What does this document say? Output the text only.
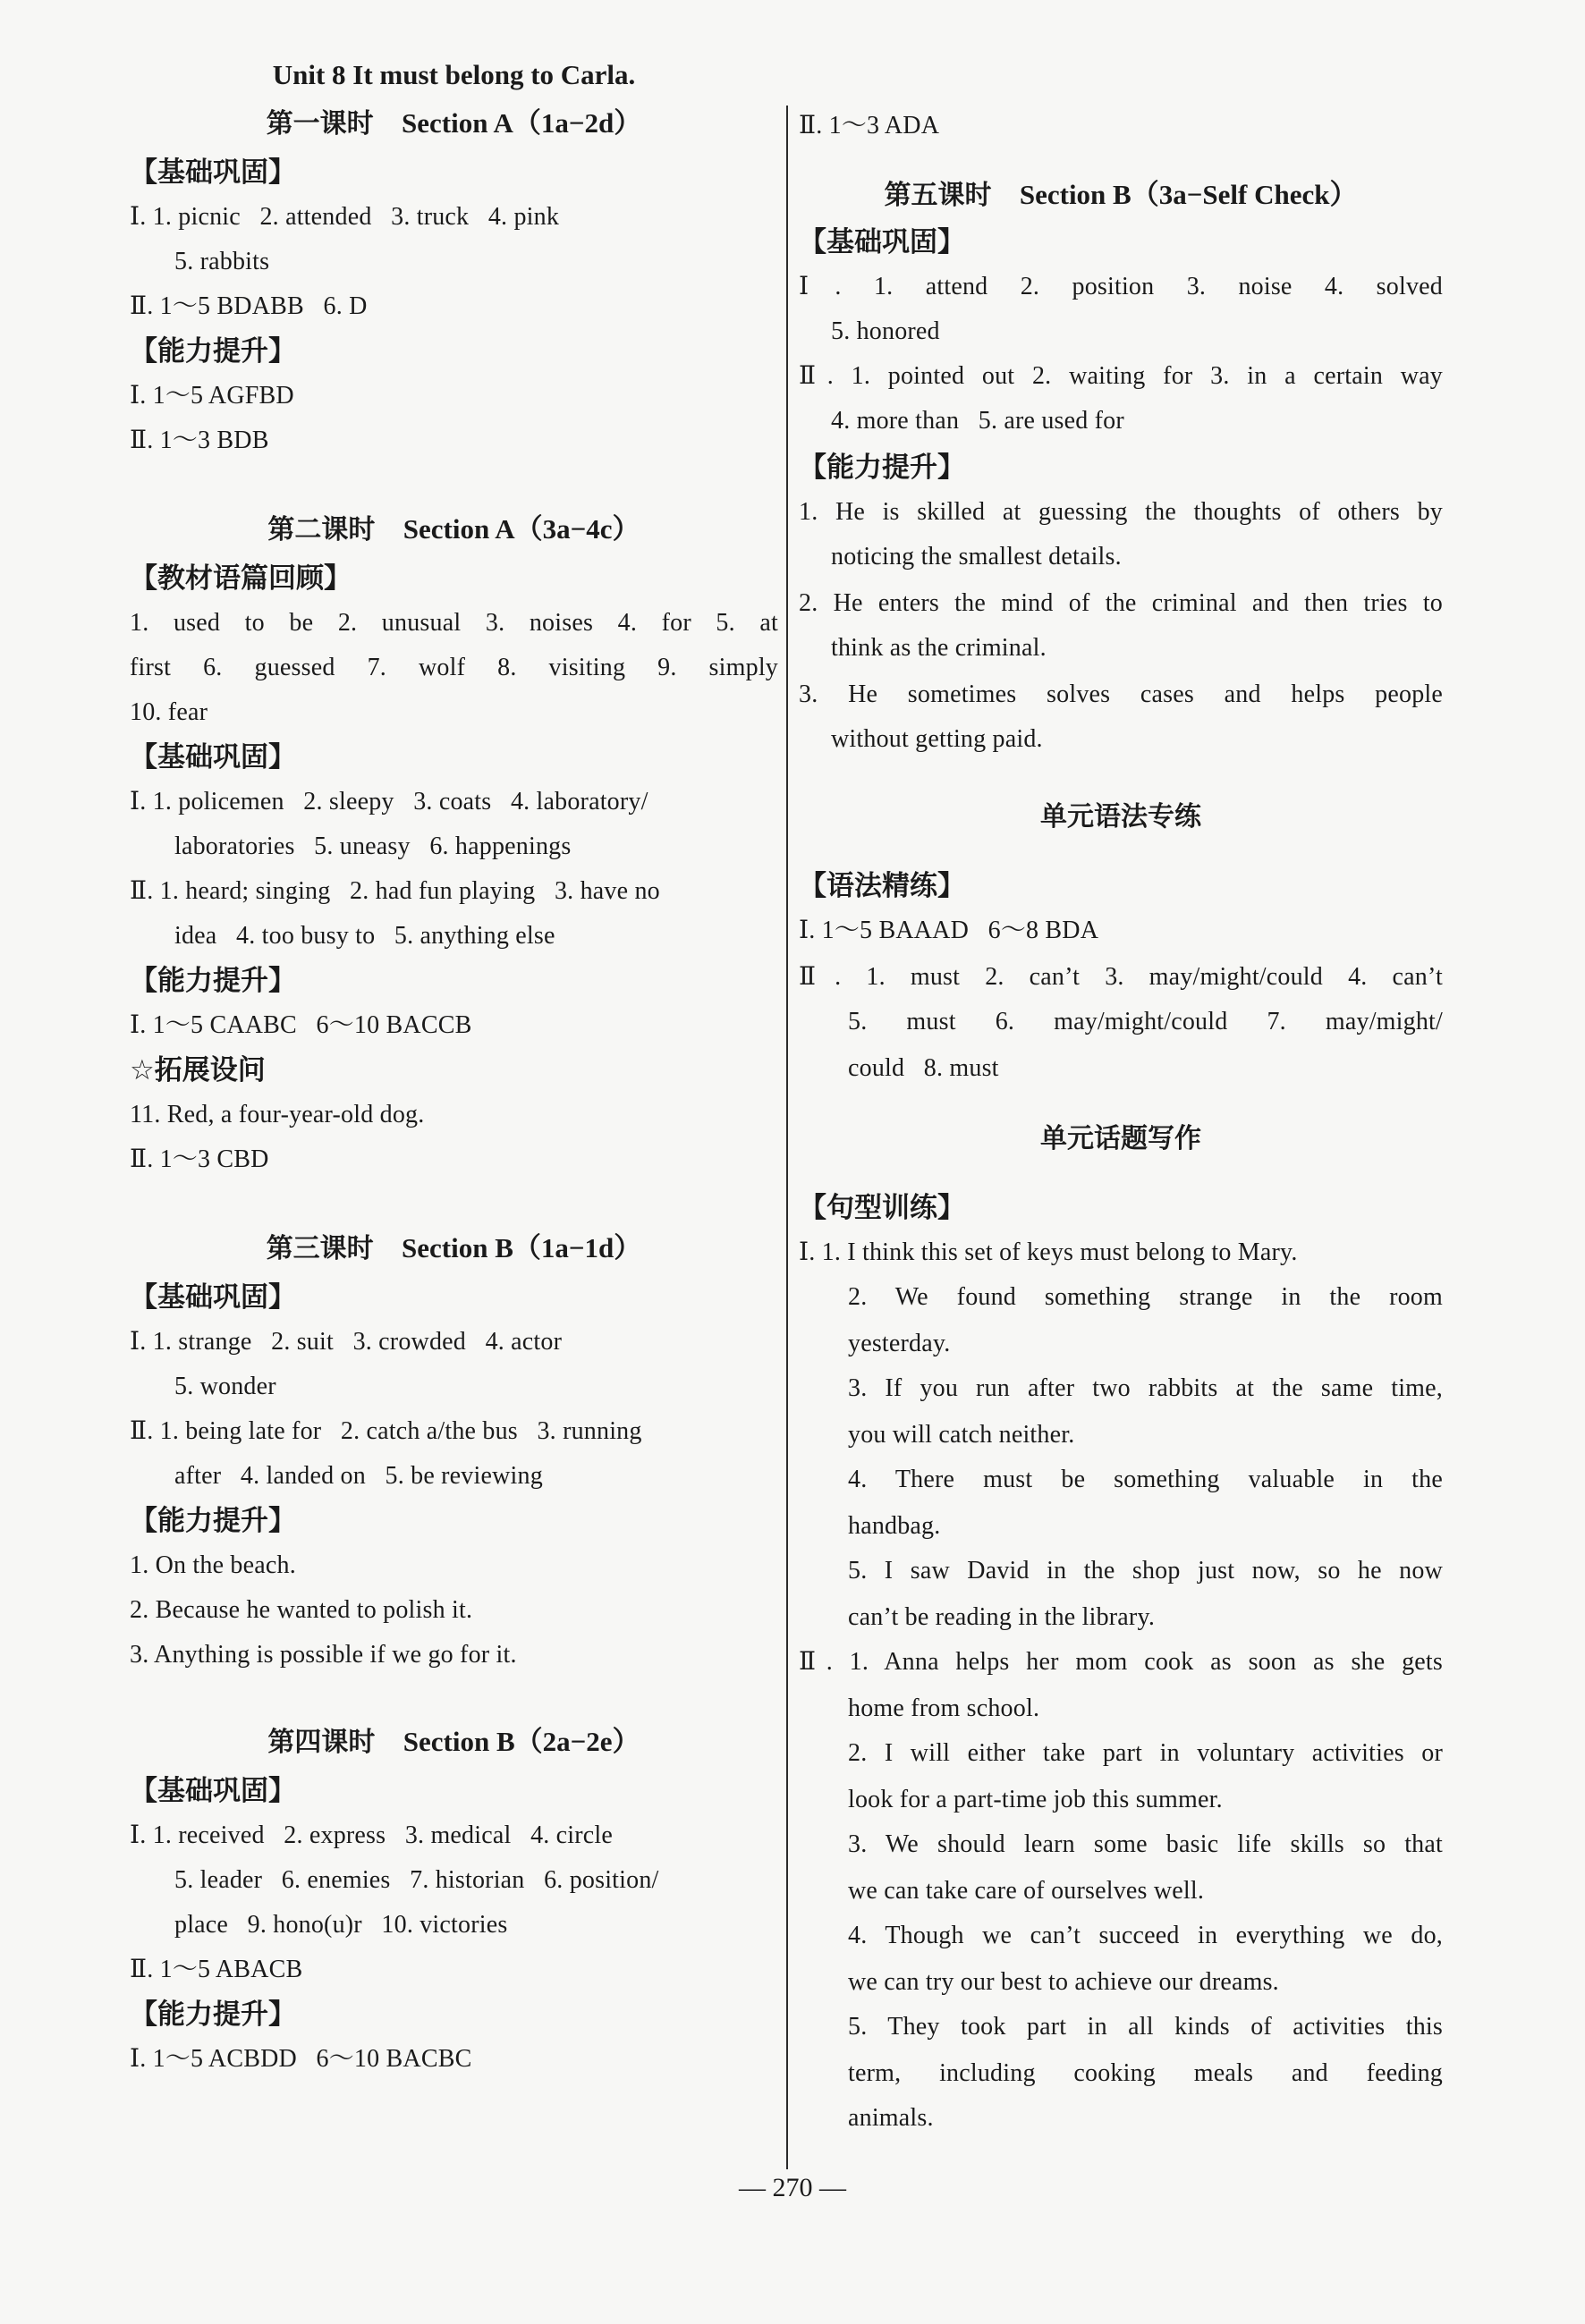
Unit 8 It must belong to Carla.
第一课时 Section A（1a−2d）
【基础巩固】
Ⅰ. 1. picnic   2. attended   3. truck   4. pink
5. rabbits
Ⅱ. 1～5 BDABB   6. D
【能力提升】
Ⅰ. 1～5 AGFBD
Ⅱ. 1～3 BDB
第二课时 Section A（3a−4c）
【教材语篇回顾】
1. used to be 2. unusual 3. noises 4. for 5. at
first 6. guessed 7. wolf 8. visiting 9. simply
10. fear
【基础巩固】
Ⅰ. 1. policemen   2. sleepy   3. coats   4. laboratory/
laboratories   5. uneasy   6. happenings
Ⅱ. 1. heard; singing   2. had fun playing   3. have no
idea   4. too busy to   5. anything else
【能力提升】
Ⅰ. 1～5 CAABC   6～10 BACCB
☆拓展设问
11. Red, a four-year-old dog.
Ⅱ. 1～3 CBD
第三课时 Section B（1a−1d）
【基础巩固】
Ⅰ. 1. strange   2. suit   3. crowded   4. actor
5. wonder
Ⅱ. 1. being late for   2. catch a/the bus   3. running
after   4. landed on   5. be reviewing
【能力提升】
1. On the beach.
2. Because he wanted to polish it.
3. Anything is possible if we go for it.
第四课时 Section B（2a−2e）
【基础巩固】
Ⅰ. 1. received   2. express   3. medical   4. circle
5. leader   6. enemies   7. historian   6. position/
place   9. hono(u)r   10. victories
Ⅱ. 1～5 ABACB
【能力提升】
Ⅰ. 1～5 ACBDD   6～10 BACBC
Ⅱ. 1～3 ADA
第五课时 Section B（3a−Self Check）
【基础巩固】
Ⅰ. 1. attend 2. position 3. noise 4. solved
5. honored
Ⅱ. 1. pointed out 2. waiting for 3. in a certain way
4. more than   5. are used for
【能力提升】
1. He is skilled at guessing the thoughts of others by
noticing the smallest details.
2. He enters the mind of the criminal and then tries to
think as the criminal.
3. He sometimes solves cases and helps people
without getting paid.
单元语法专练
【语法精练】
Ⅰ. 1～5 BAAAD   6～8 BDA
Ⅱ. 1. must 2. can’t 3. may/might/could 4. can’t
5. must 6. may/might/could 7. may/might/
could   8. must
单元话题写作
【句型训练】
Ⅰ. 1. I think this set of keys must belong to Mary.
2. We found something strange in the room
yesterday.
3. If you run after two rabbits at the same time,
you will catch neither.
4. There must be something valuable in the
handbag.
5. I saw David in the shop just now, so he now
can’t be reading in the library.
Ⅱ. 1. Anna helps her mom cook as soon as she gets
home from school.
2. I will either take part in voluntary activities or
look for a part-time job this summer.
3. We should learn some basic life skills so that
we can take care of ourselves well.
4. Though we can’t succeed in everything we do,
we can try our best to achieve our dreams.
5. They took part in all kinds of activities this
term, including cooking meals and feeding
animals.
— 270 —
